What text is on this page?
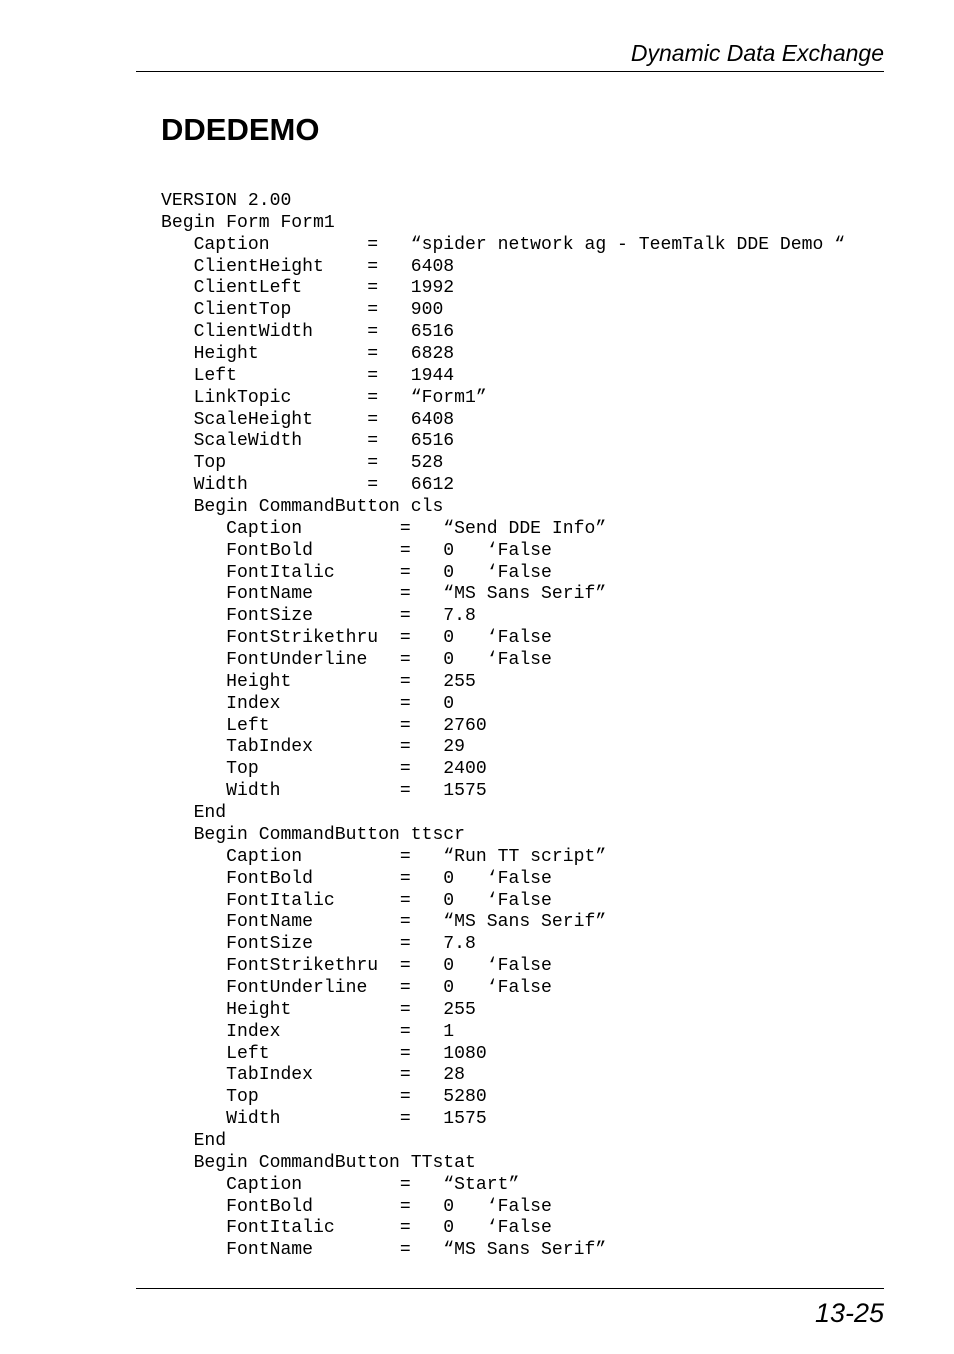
Dynamic Data Exchange
DDEDEMO
VERSION 2.00
Begin Form Form1
Caption         =   “spider network ag - TeemTalk DDE Demo “
ClientHeight    =   6408
ClientLeft      =   1992
ClientTop       =   900
ClientWidth     =   6516
Height          =   6828
Left            =   1944
LinkTopic       =   “Form1”
ScaleHeight     =   6408
ScaleWidth      =   6516
Top             =   528
Width           =   6612
Begin CommandButton cls
Caption         =   “Send DDE Info”
FontBold        =   0   ‘False
FontItalic      =   0   ‘False
FontName        =   “MS Sans Serif”
FontSize        =   7.8
FontStrikethru  =   0   ‘False
FontUnderline   =   0   ‘False
Height          =   255
Index           =   0
Left            =   2760
TabIndex        =   29
Top             =   2400
Width           =   1575
End
Begin CommandButton ttscr
Caption         =   “Run TT script”
FontBold        =   0   ‘False
FontItalic      =   0   ‘False
FontName        =   “MS Sans Serif”
FontSize        =   7.8
FontStrikethru  =   0   ‘False
FontUnderline   =   0   ‘False
Height          =   255
Index           =   1
Left            =   1080
TabIndex        =   28
Top             =   5280
Width           =   1575
End
Begin CommandButton TTstat
Caption         =   “Start”
FontBold        =   0   ‘False
FontItalic      =   0   ‘False
FontName        =   “MS Sans Serif”
13-25
